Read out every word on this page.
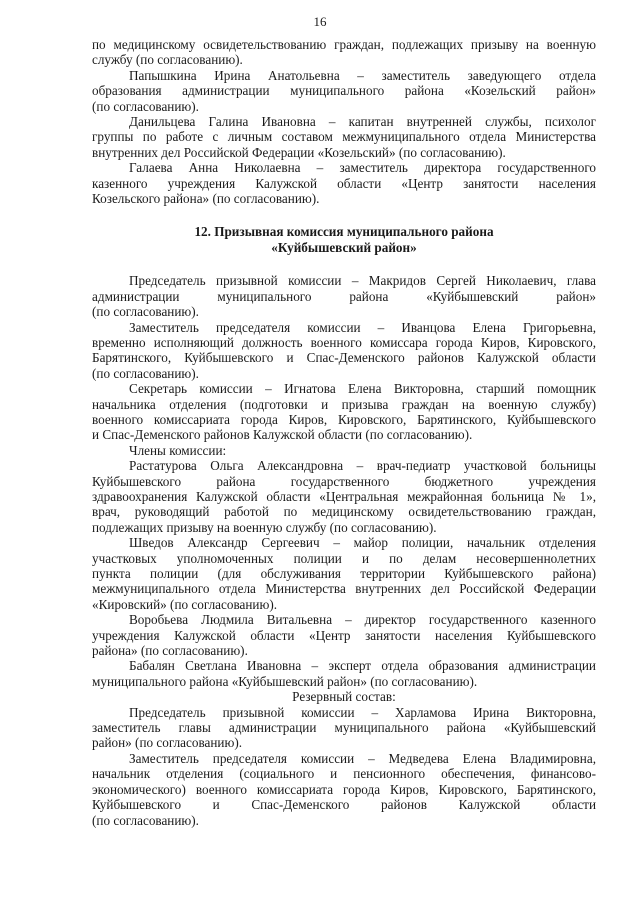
16

по медицинскому освидетельствованию граждан, подлежащих призыву на военную
службу (по согласованию).

Папышкина Ирина Анатольевна – заместитель заведующего отдела
образования администрации муниципального района «Козельский район»
(по согласованию).

Данильцева Галина Ивановна – капитан внутренней службы, психолог
группы по работе с личным составом межмуниципального отдела Министерства
внутренних дел Российской Федерации «Козельский» (по согласованию).

Галаева Анна Николаевна – заместитель директора государственного
казенного учреждения Калужской области «Центр занятости населения
Козельского района» (по согласованию).

12. Призывная комиссия муниципального района
«Куйбышевский район»

Председатель призывной комиссии – Макридов Сергей Николаевич, глава
администрации муниципального района «Куйбышевский район»
(по согласованию).

Заместитель председателя комиссии – Иванцова Елена Григорьевна,
временно исполняющий должность военного комиссара города Киров, Кировского,
Барятинского, Куйбышевского и Спас-Деменского районов Калужской области
(по согласованию).

Секретарь комиссии – Игнатова Елена Викторовна, старший помощник
начальника отделения (подготовки и призыва граждан на военную службу)
военного комиссариата города Киров, Кировского, Барятинского, Куйбышевского
и Спас-Деменского районов Калужской области (по согласованию).

Члены комиссии:

Растатурова Ольга Александровна – врач-педиатр участковой больницы
Куйбышевского района государственного бюджетного учреждения
здравоохранения Калужской области «Центральная межрайонная больница № 1»,
врач, руководящий работой по медицинскому освидетельствованию граждан,
подлежащих призыву на военную службу (по согласованию).

Шведов Александр Сергеевич – майор полиции, начальник отделения
участковых уполномоченных полиции и по делам несовершеннолетних
пункта полиции (для обслуживания территории Куйбышевского района)
межмуниципального отдела Министерства внутренних дел Российской Федерации
«Кировский» (по согласованию).

Воробьева Людмила Витальевна – директор государственного казенного
учреждения Калужской области «Центр занятости населения Куйбышевского
района» (по согласованию).

Бабалян Светлана Ивановна – эксперт отдела образования администрации
муниципального района «Куйбышевский район» (по согласованию).

Резервный состав:

Председатель призывной комиссии – Харламова Ирина Викторовна,
заместитель главы администрации муниципального района «Куйбышевский
район» (по согласованию).

Заместитель председателя комиссии – Медведева Елена Владимировна,
начальник отделения (социального и пенсионного обеспечения, финансово-
экономического) военного комиссариата города Киров, Кировского, Барятинского,
Куйбышевского и Спас-Деменского районов Калужской области
(по согласованию).
